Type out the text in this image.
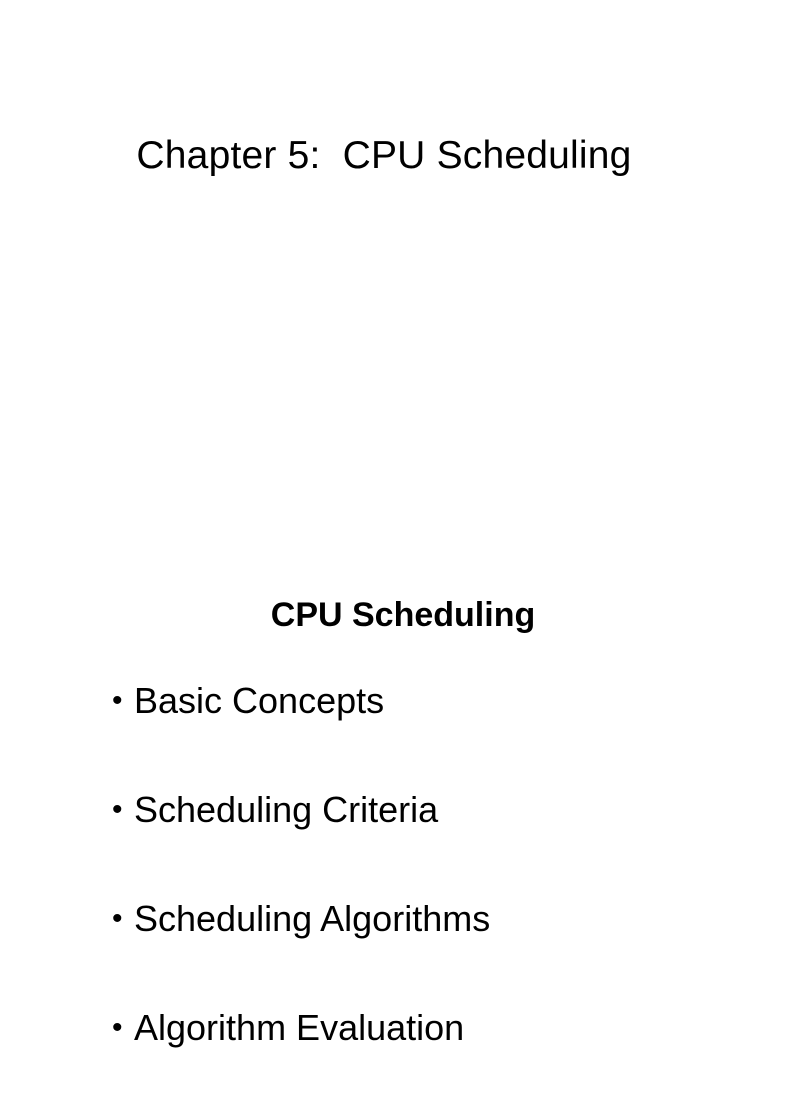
Chapter 5:  CPU Scheduling
CPU Scheduling
• Basic Concepts
• Scheduling Criteria
• Scheduling Algorithms
• Algorithm Evaluation
